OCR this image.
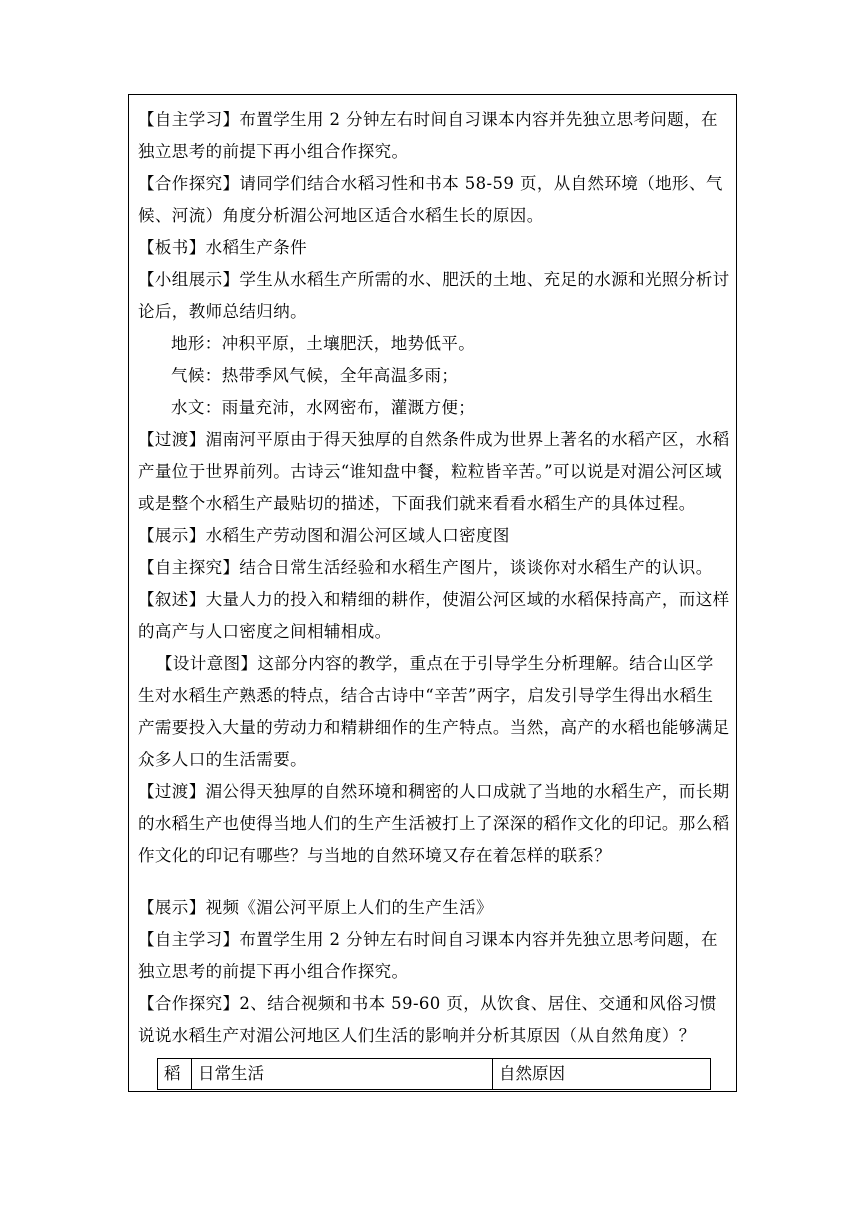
【自主学习】布置学生用 2 分钟左右时间自习课本内容并先独立思考问题，在独立思考的前提下再小组合作探究。

【合作探究】请同学们结合水稻习性和书本 58-59 页，从自然环境（地形、气候、河流）角度分析湄公河地区适合水稻生长的原因。

【板书】水稻生产条件

【小组展示】学生从水稻生产所需的水、肥沃的土地、充足的水源和光照分析讨论后，教师总结归纳。

地形：冲积平原，土壤肥沃，地势低平。

气候：热带季风气候，全年高温多雨；

水文：雨量充沛，水网密布，灌溉方便；

【过渡】湄南河平原由于得天独厚的自然条件成为世界上著名的水稻产区，水稻产量位于世界前列。古诗云“谁知盘中餐，粒粒皆辛苦。”可以说是对湄公河区域或是整个水稻生产最贴切的描述，下面我们就来看看水稻生产的具体过程。

【展示】水稻生产劳动图和湄公河区域人口密度图

【自主探究】结合日常生活经验和水稻生产图片，谈谈你对水稻生产的认识。

【叙述】大量人力的投入和精细的耕作，使湄公河区域的水稻保持高产，而这样的高产与人口密度之间相辅相成。

【设计意图】这部分内容的教学，重点在于引导学生分析理解。结合山区学生对水稻生产熟悉的特点，结合古诗中“辛苦”两字，启发引导学生得出水稻生产需要投入大量的劳动力和精耕细作的生产特点。当然，高产的水稻也能够满足众多人口的生活需要。

【过渡】湄公得天独厚的自然环境和稠密的人口成就了当地的水稻生产，而长期的水稻生产也使得当地人们的生产生活被打上了深深的稻作文化的印记。那么稻作文化的印记有哪些？与当地的自然环境又存在着怎样的联系？

【展示】视频《湄公河平原上人们的生产生活》

【自主学习】布置学生用 2 分钟左右时间自习课本内容并先独立思考问题，在独立思考的前提下再小组合作探究。

【合作探究】2、结合视频和书本 59-60 页，从饮食、居住、交通和风俗习惯说说水稻生产对湄公河地区人们生活的影响并分析其原因（从自然角度）？

稻	日常生活	自然原因
